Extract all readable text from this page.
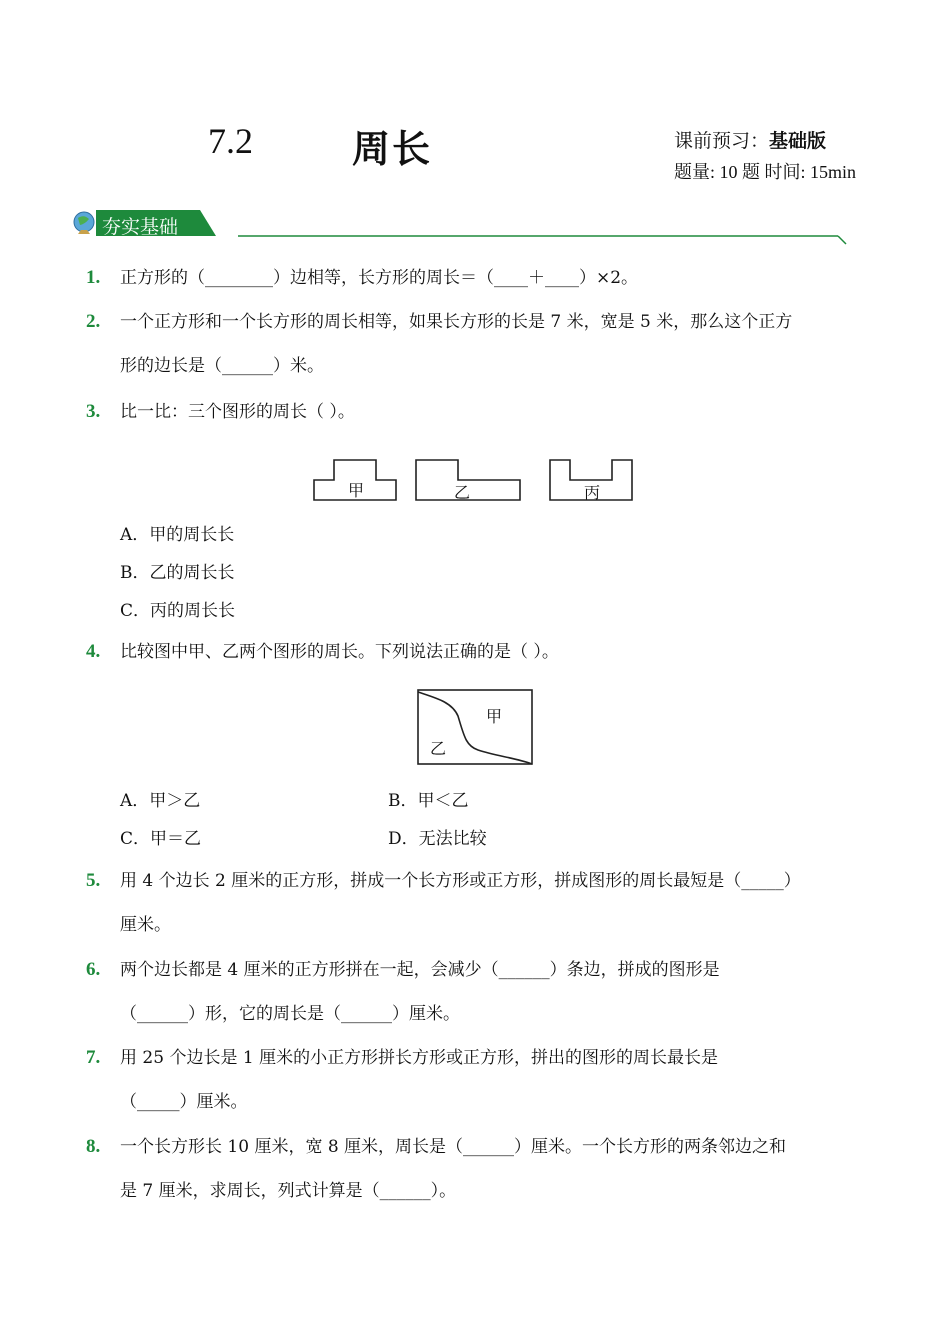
7.2	周长	课前预习：基础版
题量: 10 题 时间: 15min
夯实基础
1. 正方形的（________）边相等，长方形的周长＝（____＋____）×2。
2. 一个正方形和一个长方形的周长相等，如果长方形的长是 7 米，宽是 5 米，那么这个正方
形的边长是（______）米。
3. 比一比：三个图形的周长（ ）。
甲	乙	丙
A．甲的周长长
B．乙的周长长
C．丙的周长长
4. 比较图中甲、乙两个图形的周长。下列说法正确的是（ ）。
甲
乙
A．甲＞乙	B．甲＜乙
C．甲＝乙	D．无法比较
5. 用 4 个边长 2 厘米的正方形，拼成一个长方形或正方形，拼成图形的周长最短是（_____）
厘米。
6. 两个边长都是 4 厘米的正方形拼在一起，会减少（______）条边，拼成的图形是
（______）形，它的周长是（______）厘米。
7. 用 25 个边长是 1 厘米的小正方形拼长方形或正方形，拼出的图形的周长最长是
（_____）厘米。
8. 一个长方形长 10 厘米，宽 8 厘米，周长是（______）厘米。一个长方形的两条邻边之和
是 7 厘米，求周长，列式计算是（______）。
